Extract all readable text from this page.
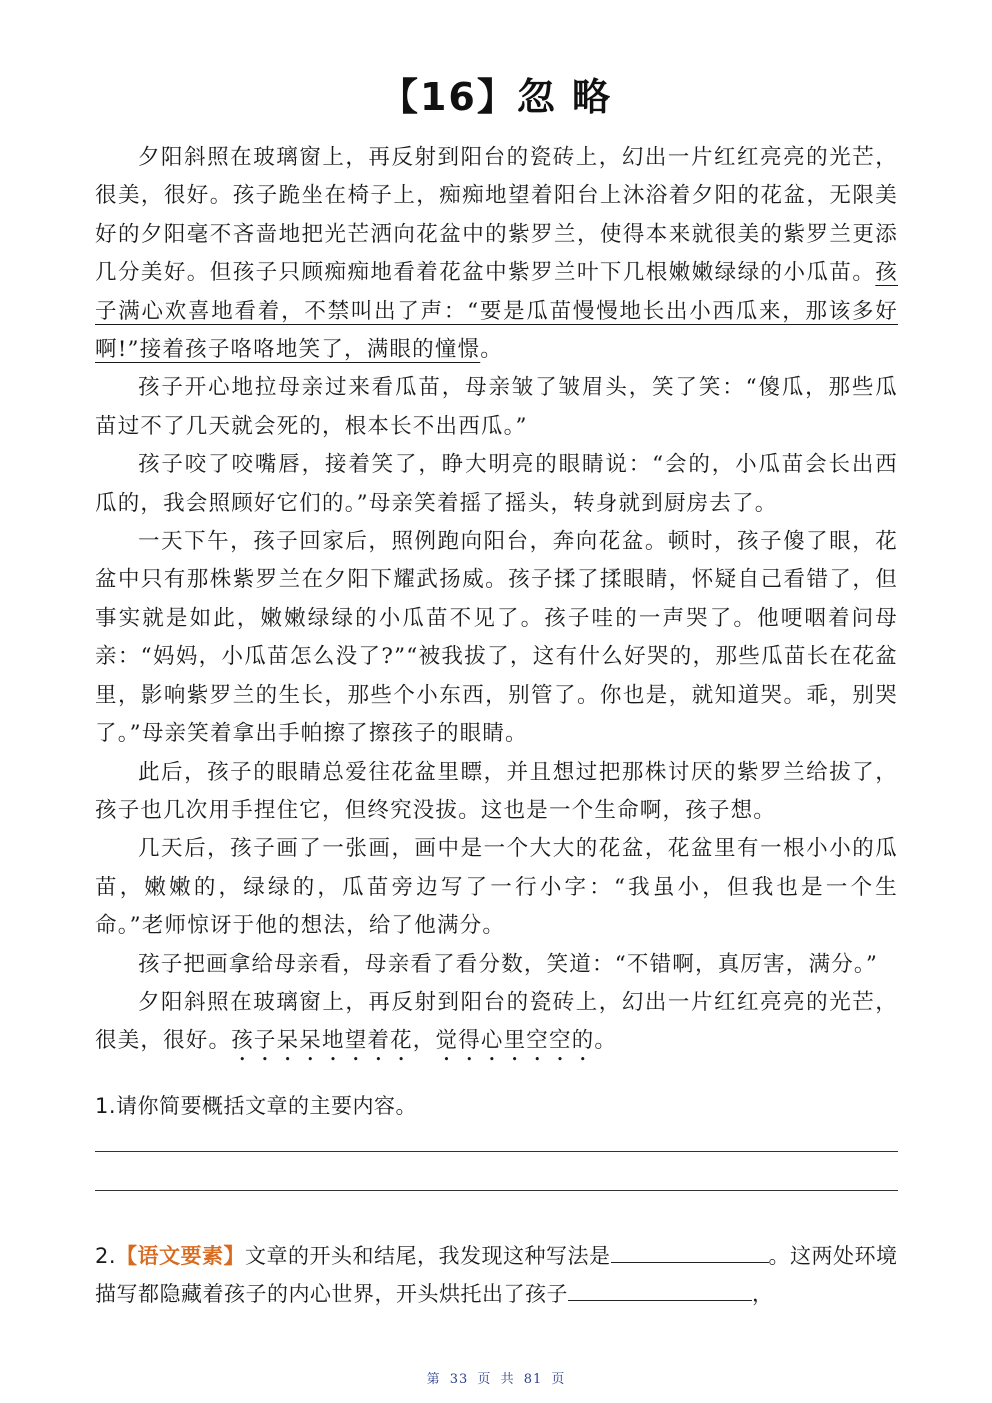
【16】忽 略

夕阳斜照在玻璃窗上，再反射到阳台的瓷砖上，幻出一片红红亮亮的光芒，很美，很好。孩子跪坐在椅子上，痴痴地望着阳台上沐浴着夕阳的花盆，无限美好的夕阳毫不吝啬地把光芒洒向花盆中的紫罗兰，使得本来就很美的紫罗兰更添几分美好。但孩子只顾痴痴地看着花盆中紫罗兰叶下几根嫩嫩绿绿的小瓜苗。孩子满心欢喜地看着，不禁叫出了声：“要是瓜苗慢慢地长出小西瓜来，那该多好啊!”接着孩子咯咯地笑了，满眼的憧憬。

孩子开心地拉母亲过来看瓜苗，母亲皱了皱眉头，笑了笑：“傻瓜，那些瓜苗过不了几天就会死的，根本长不出西瓜。”

孩子咬了咬嘴唇，接着笑了，睁大明亮的眼睛说：“会的，小瓜苗会长出西瓜的，我会照顾好它们的。”母亲笑着摇了摇头，转身就到厨房去了。

一天下午，孩子回家后，照例跑向阳台，奔向花盆。顿时，孩子傻了眼，花盆中只有那株紫罗兰在夕阳下耀武扬威。孩子揉了揉眼睛，怀疑自己看错了，但事实就是如此，嫩嫩绿绿的小瓜苗不见了。孩子哇的一声哭了。他哽咽着问母亲：“妈妈，小瓜苗怎么没了?”“被我拔了，这有什么好哭的，那些瓜苗长在花盆里，影响紫罗兰的生长，那些个小东西，别管了。你也是，就知道哭。乖，别哭了。”母亲笑着拿出手帕擦了擦孩子的眼睛。

此后，孩子的眼睛总爱往花盆里瞟，并且想过把那株讨厌的紫罗兰给拔了，孩子也几次用手捏住它，但终究没拔。这也是一个生命啊，孩子想。

几天后，孩子画了一张画，画中是一个大大的花盆，花盆里有一根小小的瓜苗，嫩嫩的，绿绿的，瓜苗旁边写了一行小字：“我虽小，但我也是一个生命。”老师惊讶于他的想法，给了他满分。

孩子把画拿给母亲看，母亲看了看分数，笑道：“不错啊，真厉害，满分。”

夕阳斜照在玻璃窗上，再反射到阳台的瓷砖上，幻出一片红红亮亮的光芒，很美，很好。孩子呆呆地望着花，觉得心里空空的。

1.请你简要概括文章的主要内容。

2.【语文要素】文章的开头和结尾，我发现这种写法是	。这两处环境描写都隐藏着孩子的内心世界，开头烘托出了孩子	，

第 33 页 共 81 页
